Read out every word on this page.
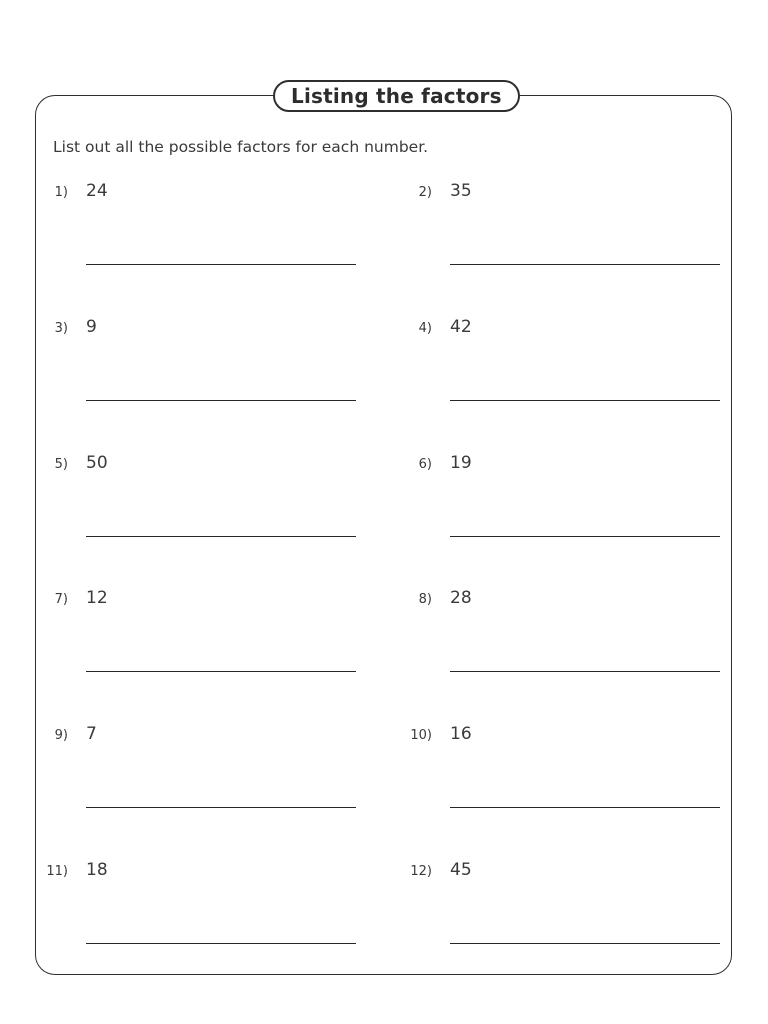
Listing the factors
List out all the possible factors for each number.
1) 24	2) 35
3) 9	4) 42
5) 50	6) 19
7) 12	8) 28
9) 7	10) 16
11) 18	12) 45
